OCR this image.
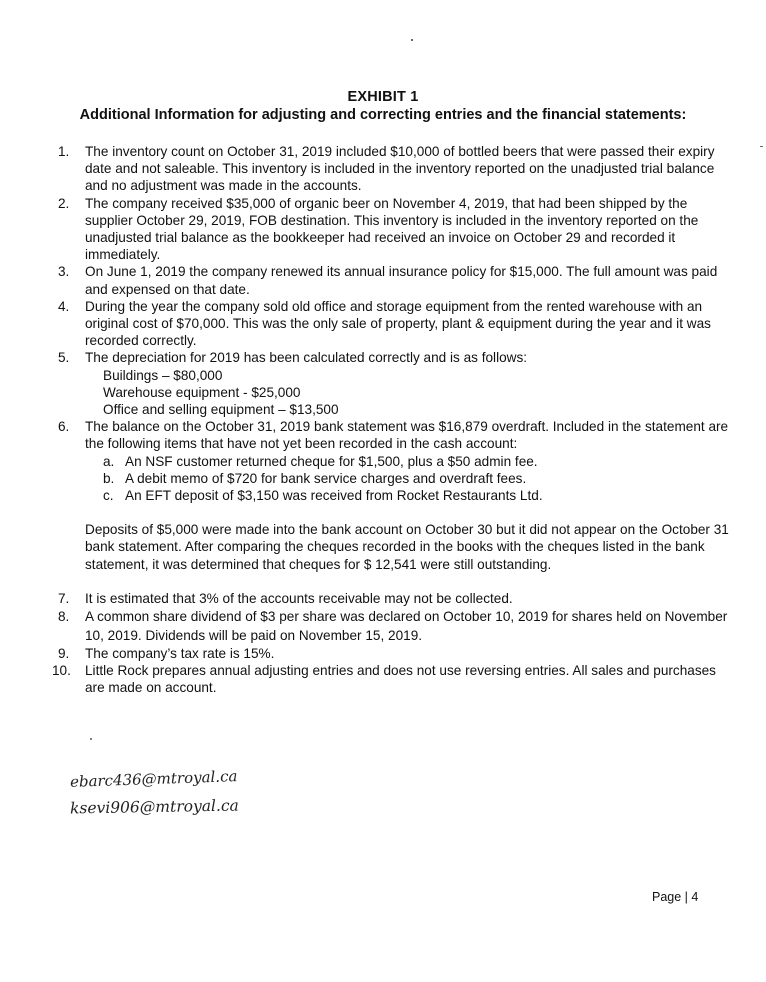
EXHIBIT 1
Additional Information for adjusting and correcting entries and the financial statements:
1. The inventory count on October 31, 2019 included $10,000 of bottled beers that were passed their expiry date and not saleable. This inventory is included in the inventory reported on the unadjusted trial balance and no adjustment was made in the accounts.
2. The company received $35,000 of organic beer on November 4, 2019, that had been shipped by the supplier October 29, 2019, FOB destination. This inventory is included in the inventory reported on the unadjusted trial balance as the bookkeeper had received an invoice on October 29 and recorded it immediately.
3. On June 1, 2019 the company renewed its annual insurance policy for $15,000. The full amount was paid and expensed on that date.
4. During the year the company sold old office and storage equipment from the rented warehouse with an original cost of $70,000. This was the only sale of property, plant & equipment during the year and it was recorded correctly.
5. The depreciation for 2019 has been calculated correctly and is as follows:
Buildings – $80,000
Warehouse equipment - $25,000
Office and selling equipment – $13,500
6. The balance on the October 31, 2019 bank statement was $16,879 overdraft. Included in the statement are the following items that have not yet been recorded in the cash account:
a. An NSF customer returned cheque for $1,500, plus a $50 admin fee.
b. A debit memo of $720 for bank service charges and overdraft fees.
c. An EFT deposit of $3,150 was received from Rocket Restaurants Ltd.
Deposits of $5,000 were made into the bank account on October 30 but it did not appear on the October 31 bank statement. After comparing the cheques recorded in the books with the cheques listed in the bank statement, it was determined that cheques for $ 12,541 were still outstanding.
7. It is estimated that 3% of the accounts receivable may not be collected.
8. A common share dividend of $3 per share was declared on October 10, 2019 for shares held on November 10, 2019. Dividends will be paid on November 15, 2019.
9. The company’s tax rate is 15%.
10. Little Rock prepares annual adjusting entries and does not use reversing entries. All sales and purchases are made on account.
ebarc436@mtroyal.ca
ksevi906@mtroyal.ca
Page | 4
